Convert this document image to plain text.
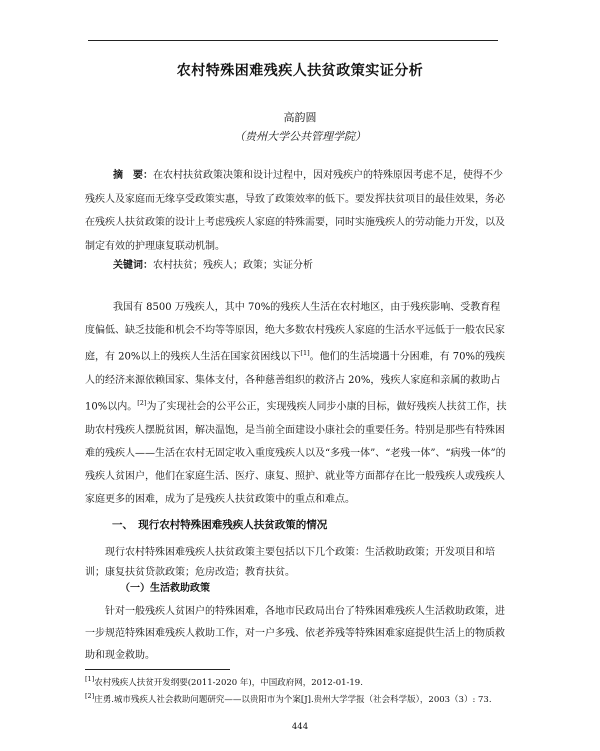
农村特殊困难残疾人扶贫政策实证分析
高韵圆
（贵州大学公共管理学院）
摘　要：在农村扶贫政策决策和设计过程中，因对残疾户的特殊原因考虑不足，使得不少残疾人及家庭而无缘享受政策实惠，导致了政策效率的低下。要发挥扶贫项目的最佳效果，务必在残疾人扶贫政策的设计上考虑残疾人家庭的特殊需要，同时实施残疾人的劳动能力开发，以及制定有效的护理康复联动机制。
关键词：农村扶贫；残疾人；政策；实证分析
我国有 8500 万残疾人，其中 70%的残疾人生活在农村地区，由于残疾影响、受教育程度偏低、缺乏技能和机会不均等等原因，绝大多数农村残疾人家庭的生活水平远低于一般农民家庭，有 20%以上的残疾人生活在国家贫困线以下[1]。他们的生活境遇十分困难，有 70%的残疾人的经济来源依赖国家、集体支付，各种慈善组织的救济占 20%，残疾人家庭和亲属的救助占 10%以内。[2]为了实现社会的公平公正，实现残疾人同步小康的目标，做好残疾人扶贫工作，扶助农村残疾人摆脱贫困，解决温饱，是当前全面建设小康社会的重要任务。特别是那些有特殊困难的残疾人——生活在农村无固定收入重度残疾人以及“多残一体”、“老残一体”、“病残一体”的残疾人贫困户，他们在家庭生活、医疗、康复、照护、就业等方面都存在比一般残疾人或残疾人家庭更多的困难，成为了是残疾人扶贫政策中的重点和难点。
一、　现行农村特殊困难残疾人扶贫政策的情况
现行农村特殊困难残疾人扶贫政策主要包括以下几个政策：生活救助政策；开发项目和培训；康复扶贫贷款政策；危房改造；教育扶贫。
（一）生活救助政策
针对一般残疾人贫困户的特殊困难，各地市民政局出台了特殊困难残疾人生活救助政策，进一步规范特殊困难残疾人救助工作，对一户多残、依老养残等特殊困难家庭提供生活上的物质救助和现金救助。
[1]农村残疾人扶贫开发纲要(2011-2020 年)，中国政府网，2012-01-19.
[2]庄勇.城市残疾人社会救助问题研究——以贵阳市为个案[J].贵州大学学报（社会科学版），2003（3）: 73.
444
